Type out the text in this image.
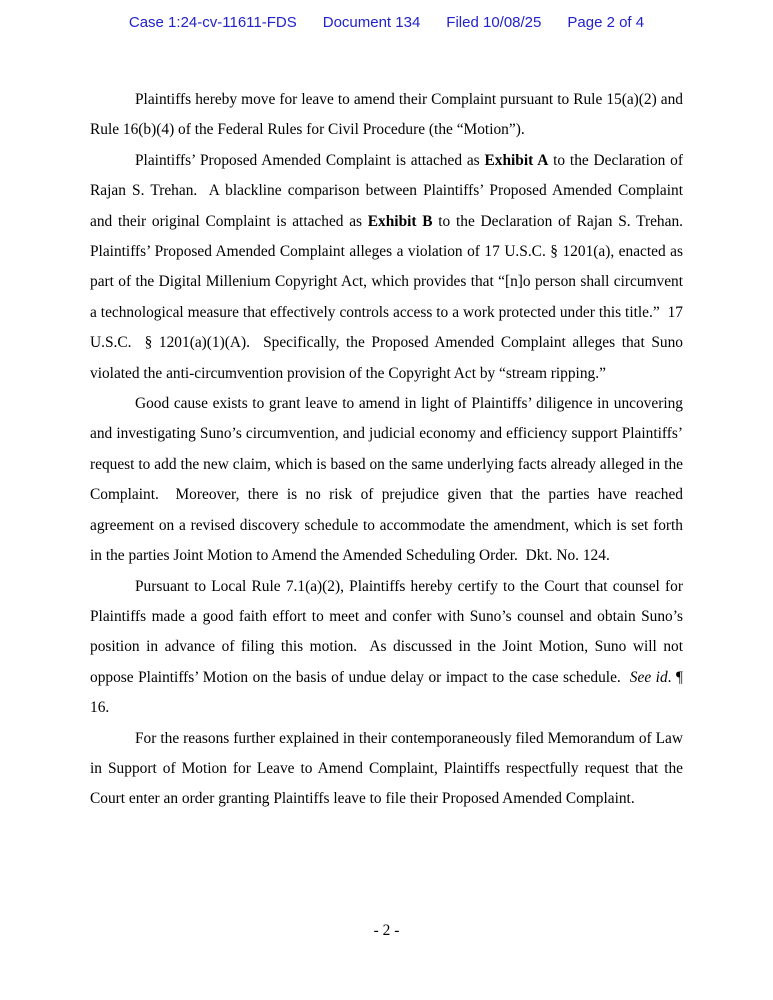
Case 1:24-cv-11611-FDS Document 134 Filed 10/08/25 Page 2 of 4

Plaintiffs hereby move for leave to amend their Complaint pursuant to Rule 15(a)(2) and Rule 16(b)(4) of the Federal Rules for Civil Procedure (the “Motion”).

Plaintiffs’ Proposed Amended Complaint is attached as Exhibit A to the Declaration of Rajan S. Trehan.  A blackline comparison between Plaintiffs’ Proposed Amended Complaint and their original Complaint is attached as Exhibit B to the Declaration of Rajan S. Trehan.  Plaintiffs’ Proposed Amended Complaint alleges a violation of 17 U.S.C. § 1201(a), enacted as part of the Digital Millenium Copyright Act, which provides that “[n]o person shall circumvent a technological measure that effectively controls access to a work protected under this title.”  17 U.S.C.  § 1201(a)(1)(A).  Specifically, the Proposed Amended Complaint alleges that Suno violated the anti-circumvention provision of the Copyright Act by “stream ripping.”

Good cause exists to grant leave to amend in light of Plaintiffs’ diligence in uncovering and investigating Suno’s circumvention, and judicial economy and efficiency support Plaintiffs’ request to add the new claim, which is based on the same underlying facts already alleged in the Complaint.  Moreover, there is no risk of prejudice given that the parties have reached agreement on a revised discovery schedule to accommodate the amendment, which is set forth in the parties Joint Motion to Amend the Amended Scheduling Order.  Dkt. No. 124.

Pursuant to Local Rule 7.1(a)(2), Plaintiffs hereby certify to the Court that counsel for Plaintiffs made a good faith effort to meet and confer with Suno’s counsel and obtain Suno’s position in advance of filing this motion.  As discussed in the Joint Motion, Suno will not oppose Plaintiffs’ Motion on the basis of undue delay or impact to the case schedule.  See id. ¶ 16.

For the reasons further explained in their contemporaneously filed Memorandum of Law in Support of Motion for Leave to Amend Complaint, Plaintiffs respectfully request that the Court enter an order granting Plaintiffs leave to file their Proposed Amended Complaint.

- 2 -
